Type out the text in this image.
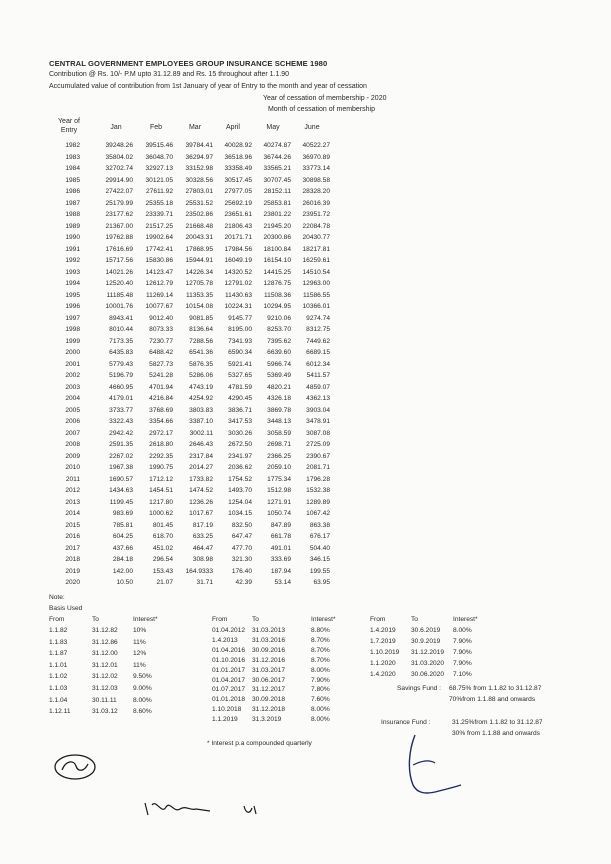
CENTRAL GOVERNMENT EMPLOYEES GROUP INSURANCE SCHEME 1980
Contribution @ Rs. 10/- P.M upto 31.12.89 and Rs. 15 throughout after 1.1.90
Accumulated value of contribution from 1st January of year of Entry to the month and year of cessation
Year of cessation of membership - 2020
Month of cessation of membership
Year of
Entry	Jan	Feb	Mar	April	May	June
1982	39248.26	39515.46	39784.41	40028.92	40274.87	40522.27
1983	35804.02	36048.70	36294.97	36518.96	36744.26	36970.89
1984	32702.74	32927.13	33152.98	33358.49	33565.21	33773.14
1985	29914.90	30121.05	30328.56	30517.45	30707.45	30898.58
1986	27422.07	27611.92	27803.01	27977.05	28152.11	28328.20
1987	25179.99	25355.18	25531.52	25692.19	25853.81	26016.39
1988	23177.62	23339.71	23502.86	23651.61	23801.22	23951.72
1989	21367.00	21517.25	21668.48	21806.43	21945.20	22084.78
1990	19762.88	19902.64	20043.31	20171.71	20300.86	20430.77
1991	17616.69	17742.41	17868.95	17984.56	18100.84	18217.81
1992	15717.56	15830.86	15944.91	16049.19	16154.10	16259.61
1993	14021.26	14123.47	14226.34	14320.52	14415.25	14510.54
1994	12520.40	12612.79	12705.78	12791.02	12876.75	12963.00
1995	11185.48	11269.14	11353.35	11430.63	11508.36	11586.55
1996	10001.76	10077.67	10154.08	10224.31	10294.95	10366.01
1997	8943.41	9012.40	9081.85	9145.77	9210.06	9274.74
1998	8010.44	8073.33	8136.64	8195.00	8253.70	8312.75
1999	7173.35	7230.77	7288.56	7341.93	7395.62	7449.62
2000	6435.83	6488.42	6541.36	6590.34	6639.60	6689.15
2001	5779.43	5827.73	5876.35	5921.41	5966.74	6012.34
2002	5196.79	5241.28	5286.06	5327.65	5369.49	5411.57
2003	4660.95	4701.94	4743.19	4781.59	4820.21	4859.07
2004	4179.01	4216.84	4254.92	4290.45	4326.18	4362.13
2005	3733.77	3768.69	3803.83	3836.71	3869.78	3903.04
2006	3322.43	3354.66	3387.10	3417.53	3448.13	3478.91
2007	2942.42	2972.17	3002.11	3030.26	3058.59	3087.08
2008	2591.35	2618.80	2646.43	2672.50	2698.71	2725.09
2009	2267.02	2292.35	2317.84	2341.97	2366.25	2390.67
2010	1967.38	1990.75	2014.27	2036.62	2059.10	2081.71
2011	1690.57	1712.12	1733.82	1754.52	1775.34	1796.28
2012	1434.63	1454.51	1474.52	1493.70	1512.98	1532.38
2013	1199.45	1217.80	1236.26	1254.04	1271.91	1289.89
2014	983.69	1000.62	1017.67	1034.15	1050.74	1067.42
2015	785.81	801.45	817.19	832.50	847.89	863.38
2016	604.25	618.70	633.25	647.47	661.78	676.17
2017	437.66	451.02	464.47	477.70	491.01	504.40
2018	284.18	296.54	308.98	321.30	333.69	346.15
2019	142.00	153.43	164.9333	176.40	187.94	199.55
2020	10.50	21.07	31.71	42.39	53.14	63.95
Note:
Basis Used
From	To	Interest*
1.1.82	31.12.82 10%
1.1.83	31.12.86 11%
1.1.87	31.12.00 12%
1.1.01	31.12.01 11%
1.1.02	31.12.02 9.50%
1.1.03	31.12.03 9.00%
1.1.04	30.11.11 8.00%
1.12.11	31.03.12 8.60%
From	To	Interest*
01.04.2012 31.03.2013	8.80%
1.4.2013 31.03.2016	8.70%
01.04.2016 30.09.2016	8.70%
01.10.2016 31.12.2016	8.70%
01.01.2017 31.03.2017	8.00%
01.04.2017 30.06.2017	7.90%
01.07.2017 31.12.2017	7.80%
01.01.2018 30.09.2018	7.60%
1.10.2018 31.12.2018	8.00%
1.1.2019 31.3.2019	8.00%
From	To	Interest*
1.4.2019 30.6.2019 8.00%
1.7.2019 30.9.2019 7.90%
1.10.2019 31.12.2019 7.90%
1.1.2020 31.03.2020 7.90%
1.4.2020 30.06.2020 7.10%
* Interest p.a compounded quarterly
Savings Fund : 68.75% from 1.1.82 to 31.12.87
70%from 1.1.88 and onwards
Insurance Fund :	31.25%from 1.1.82 to 31.12.87
30% from 1.1.88 and onwards
